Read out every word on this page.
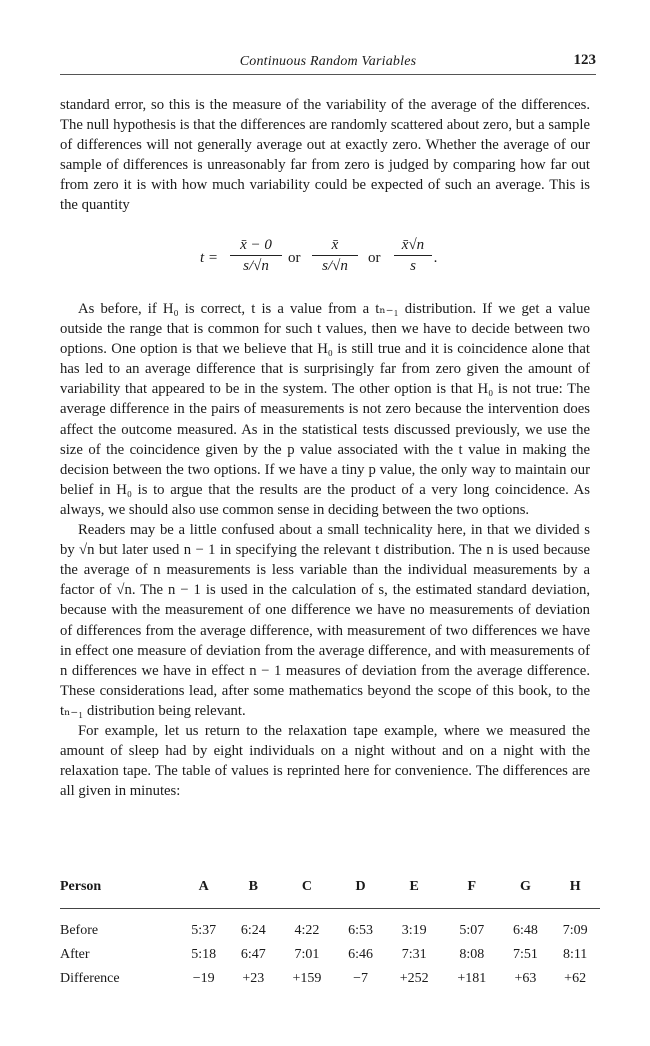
Continuous Random Variables	123

standard error, so this is the measure of the variability of the average of the differences. The null hypothesis is that the differences are randomly scattered about zero, but a sample of differences will not generally average out at exactly zero. Whether the average of our sample of differences is unreasonably far from zero is judged by comparing how far out from zero it is with how much variability could be expected of such an average. This is the quantity

t =
x̄ − 0
s/√n	or
x̄
s/√n	or
x̄√n
s	.

As before, if H₀ is correct, t is a value from a tₙ₋₁ distribution. If we get a value outside the range that is common for such t values, then we have to decide between two options. One option is that we believe that H₀ is still true and it is coincidence alone that has led to an average difference that is surprisingly far from zero given the amount of variability that appeared to be in the system. The other option is that H₀ is not true: The average difference in the pairs of measurements is not zero because the intervention does affect the outcome measured. As in the statistical tests discussed previously, we use the size of the coincidence given by the p value associated with the t value in making the decision between the two options. If we have a tiny p value, the only way to maintain our belief in H₀ is to argue that the results are the product of a very long coincidence. As always, we should also use common sense in deciding between the two options.

Readers may be a little confused about a small technicality here, in that we divided s by √n but later used n − 1 in specifying the relevant t distribution. The n is used because the average of n measurements is less variable than the individual measurements by a factor of √n. The n − 1 is used in the calculation of s, the estimated standard deviation, because with the measurement of one difference we have no measurements of deviation of differences from the average difference, with measurement of two differences we have in effect one measure of deviation from the average difference, and with measurements of n differences we have in effect n − 1 measures of deviation from the average difference. These considerations lead, after some mathematics beyond the scope of this book, to the tₙ₋₁ distribution being relevant.

For example, let us return to the relaxation tape example, where we measured the amount of sleep had by eight individuals on a night without and on a night with the relaxation tape. The table of values is reprinted here for convenience. The differences are all given in minutes:

Person	A	B	C	D	E	F	G	H
Before	5:37	6:24	4:22	6:53	3:19	5:07	6:48	7:09
After	5:18	6:47	7:01	6:46	7:31	8:08	7:51	8:11
Difference	−19	+23	+159	−7	+252	+181	+63	+62
